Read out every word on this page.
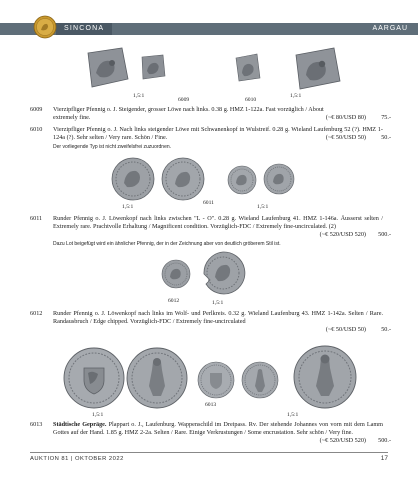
SINCONA	AARGAU
1,5:1
6009	6010
1,5:1
6009 Vierzipfliger Pfennig o. J. Steigender, grosser Löwe nach links. 0.38 g. HMZ 1-122a. Fast vorzüglich / About
extremely fine.	(~€ 80/USD 80) 75.-
6010 Vierzipfliger Pfennig o. J. Nach links steigender Löwe mit Schwanenkopf in Wulstreif. 0.28 g. Wieland Laufenburg 52 (?). HMZ 1-124a (?). Sehr selten / Very rare. Schön / Fine.	(~€ 50/USD 50) 50.-
Der vorliegende Typ ist nicht zweifelsfrei zuzuordnen.
1,5:1
6011
1,5:1
6011 Runder Pfennig o. J. Löwenkopf nach links zwischen "L - O". 0.28 g. Wieland Laufenburg 41. HMZ 1-146a. Äusserst selten / Extremely rare. Prachtvolle Erhaltung / Magnificent condition. Vorzüglich-FDC / Extremely fine-uncirculated. (2)
(~€ 520/USD 520) 500.-
Dazu Lot beigefügt wird ein ähnlicher Pfennig, der in der Zeichnung aber von deutlich gröberem Stil ist.
6012	1,5:1
6012 Runder Pfennig o. J. Löwenkopf nach links im Wolf- und Perlkreis. 0.32 g. Wieland Laufenburg 43. HMZ 1-142a. Selten / Rare. Randausbruch / Edge chipped. Vorzüglich-FDC / Extremely fine-uncirculated
(~€ 50/USD 50) 50.-
6013
1,5:1	1,5:1
6013 Städtische Gepräge. Plappart o. J., Laufenburg. Wappenschild im Dreipass. Rv. Der stehende Johannes von vorn mit dem Lamm Gottes auf der Hand. 1.85 g. HMZ 2-2a. Selten / Rare. Einige Verkrustungen / Some encrustation. Sehr schön / Very fine.
(~€ 520/USD 520) 500.-
AUKTION 81 | OKTOBER 2022	17
